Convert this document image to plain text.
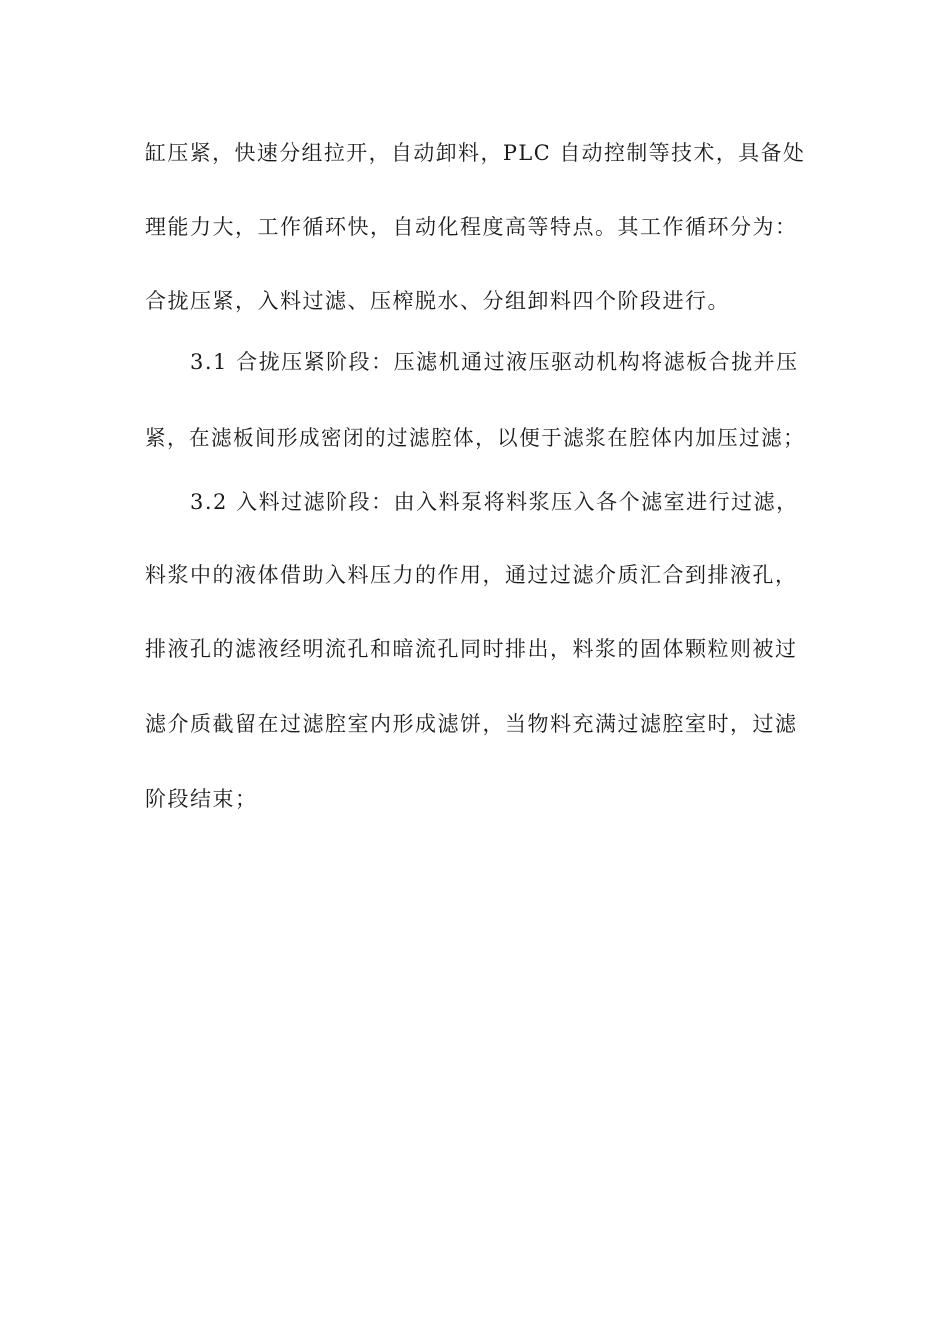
缸压紧，快速分组拉开，自动卸料，PLC 自动控制等技术，具备处
理能力大，工作循环快，自动化程度高等特点。其工作循环分为：
合拢压紧，入料过滤、压榨脱水、分组卸料四个阶段进行。
3.1 合拢压紧阶段：压滤机通过液压驱动机构将滤板合拢并压
紧，在滤板间形成密闭的过滤腔体，以便于滤浆在腔体内加压过滤；
3.2 入料过滤阶段：由入料泵将料浆压入各个滤室进行过滤，
料浆中的液体借助入料压力的作用，通过过滤介质汇合到排液孔，
排液孔的滤液经明流孔和暗流孔同时排出，料浆的固体颗粒则被过
滤介质截留在过滤腔室内形成滤饼，当物料充满过滤腔室时，过滤
阶段结束；
